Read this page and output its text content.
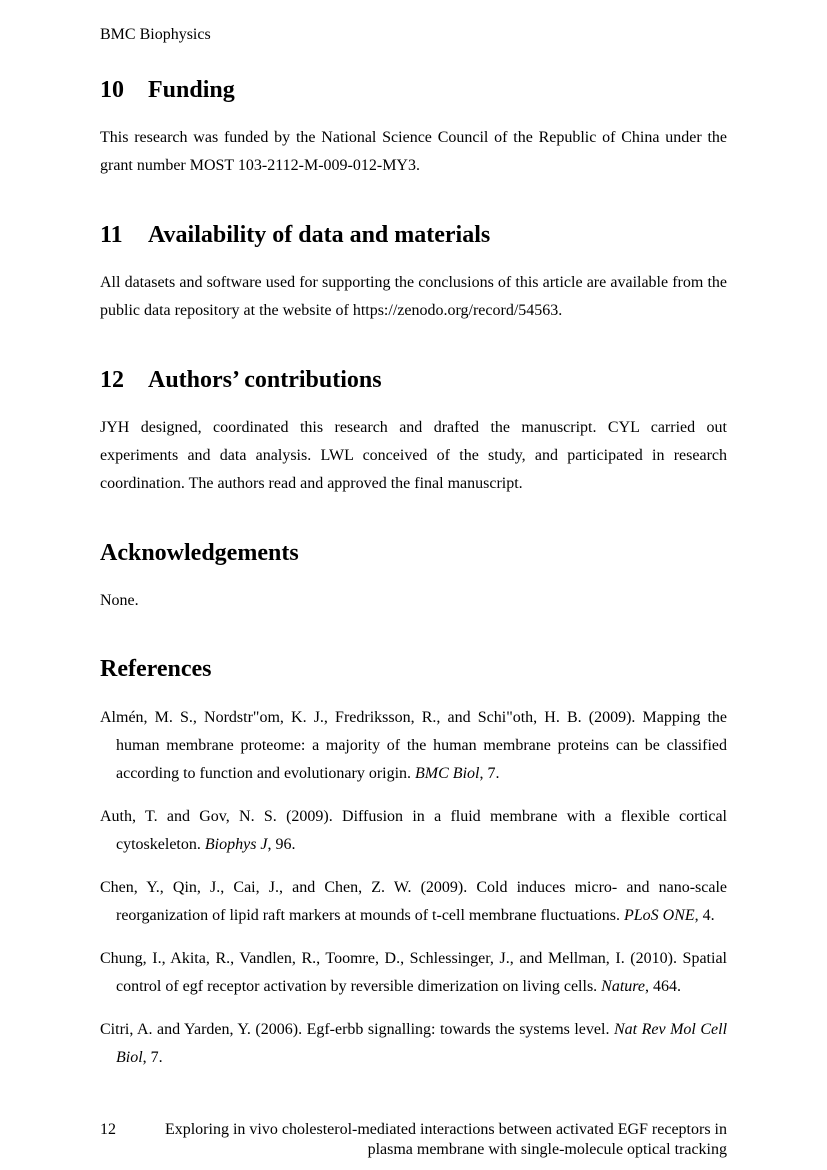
BMC Biophysics
10 Funding

This research was funded by the National Science Council of the Republic of China under the grant number MOST 103-2112-M-009-012-MY3.

11 Availability of data and materials

All datasets and software used for supporting the conclusions of this article are available from the public data repository at the website of https://zenodo.org/record/54563.

12 Authors’ contributions

JYH designed, coordinated this research and drafted the manuscript. CYL carried out experiments and data analysis. LWL conceived of the study, and participated in research coordination. The authors read and approved the final manuscript.

Acknowledgements

None.

References
Almén, M. S., Nordstr"om, K. J., Fredriksson, R., and Schi"oth, H. B. (2009). Mapping the human membrane proteome: a majority of the human membrane proteins can be classified according to function and evolutionary origin. BMC Biol, 7.
Auth, T. and Gov, N. S. (2009). Diffusion in a fluid membrane with a flexible cortical cytoskeleton. Biophys J, 96.
Chen, Y., Qin, J., Cai, J., and Chen, Z. W. (2009). Cold induces micro- and nano-scale reorganization of lipid raft markers at mounds of t-cell membrane fluctuations. PLoS ONE, 4.
Chung, I., Akita, R., Vandlen, R., Toomre, D., Schlessinger, J., and Mellman, I. (2010). Spatial control of egf receptor activation by reversible dimerization on living cells. Nature, 464.
Citri, A. and Yarden, Y. (2006). Egf-erbb signalling: towards the systems level. Nat Rev Mol Cell Biol, 7.
12	Exploring in vivo cholesterol-mediated interactions between activated EGF receptors in plasma membrane with single-molecule optical tracking
